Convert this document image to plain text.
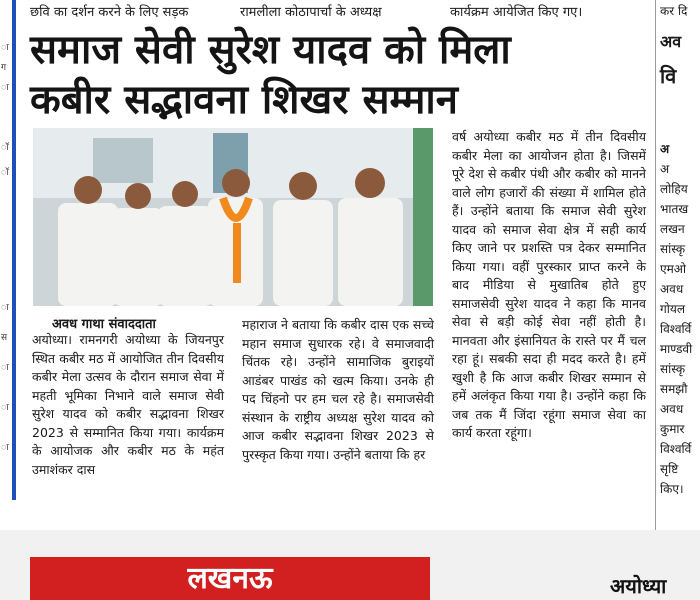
ा
ग
ा
ॉ
ॉ
ा
स
ा
ा
ा
छवि का दर्शन करने के लिए सड़क	रामलीला कोठापार्चा के अध्यक्ष	कार्यक्रम आयेजित किए गए।
समाज सेवी सुरेश यादव को मिला
कबीर सद्भावना शिखर सम्मान
अवध गाथा संवाददाता

अयोध्या। रामनगरी अयोध्या के जियनपुर स्थित कबीर मठ में आयोजित तीन दिवसीय कबीर मेला उत्सव के दौरान समाज सेवा में महती भूमिका निभाने वाले समाज सेवी सुरेश यादव को कबीर सद्भावना शिखर 2023 से सम्मानित किया गया। कार्यक्रम के आयोजक और कबीर मठ के महंत उमाशंकर दास

महाराज ने बताया कि कबीर दास एक सच्चे महान समाज सुधारक रहे। वे समाजवादी चिंतक रहे। उन्होंने सामाजिक बुराइयों आडंबर पाखंड को खत्म किया। उनके ही पद चिंहनो पर हम चल रहे है। समाजसेवी संस्थान के राष्ट्रीय अध्यक्ष सुरेश यादव को आज कबीर सद्भावना शिखर 2023 से पुरस्कृत किया गया। उन्होंने बताया कि हर

वर्ष अयोध्या कबीर मठ में तीन दिवसीय कबीर मेला का आयोजन होता है। जिसमें पूरे देश से कबीर पंथी और कबीर को मानने वाले लोग हजारों की संख्या में शामिल होते हैं। उन्होंने बताया कि समाज सेवी सुरेश यादव को समाज सेवा क्षेत्र में सही कार्य किए जाने पर प्रशस्ति पत्र देकर सम्मानित किया गया। वहीं पुरस्कार प्राप्त करने के बाद मीडिया से मुखातिब होते हुए समाजसेवी सुरेश यादव ने कहा कि मानव सेवा से बड़ी कोई सेवा नहीं होती है। मानवता और इंसानियत के रास्ते पर मैं चल रहा हूं। सबकी सदा ही मदद करते है। हमें खुशी है कि आज कबीर शिखर सम्मान से हमें अलंकृत किया गया है। उन्होंने कहा कि जब तक मैं जिंदा रहूंगा समाज सेवा का कार्य करता रहूंगा।

कर दि
अव
वि
अ
अ
लोहिय
भातख
लखन
सांस्कृ
एमओ
अवध
गोयल
विश्वर्वि
माण्डवी
सांस्कृ
समझौ
अवध
कुमार
विश्वर्वि
सृष्टि
किए।
लखनऊ	अयोध्या
